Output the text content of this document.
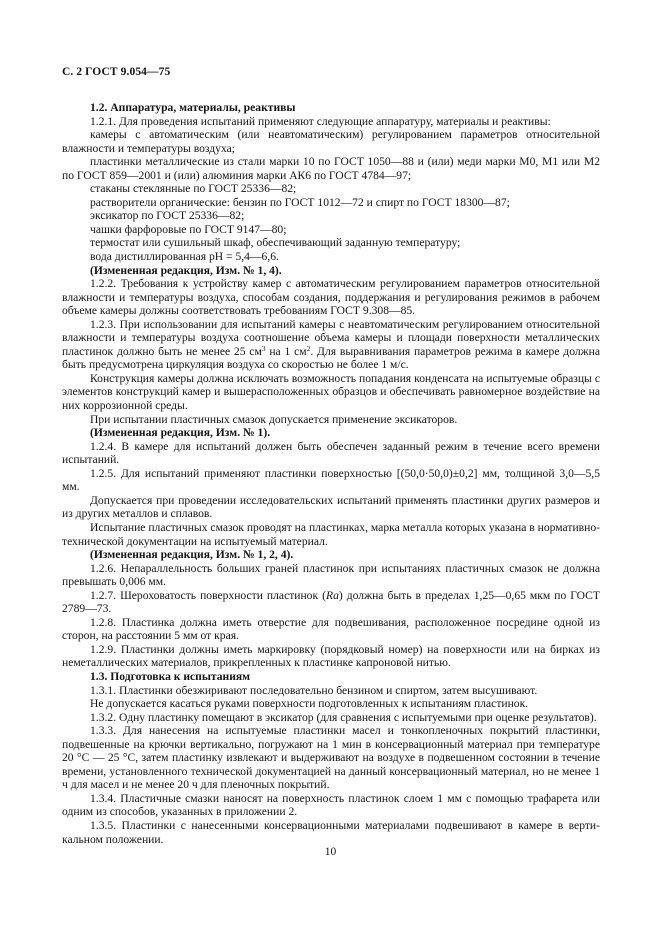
С. 2 ГОСТ 9.054—75

1.2. Аппаратура, материалы, реактивы

1.2.1. Для проведения испытаний применяют следующие аппаратуру, материалы и реактивы:

камеры с автоматическим (или неавтоматическим) регулированием параметров относительной влажности и температуры воздуха;

пластинки металлические из стали марки 10 по ГОСТ 1050—88 и (или) меди марки М0, М1 или М2 по ГОСТ 859—2001 и (или) алюминия марки АК6 по ГОСТ 4784—97;

стаканы стеклянные по ГОСТ 25336—82;

растворители органические: бензин по ГОСТ 1012—72 и спирт по ГОСТ 18300—87;

эксикатор по ГОСТ 25336—82;

чашки фарфоровые по ГОСТ 9147—80;

термостат или сушильный шкаф, обеспечивающий заданную температуру;

вода дистиллированная pH = 5,4—6,6.

(Измененная редакция, Изм. № 1, 4).

1.2.2. Требования к устройству камер с автоматическим регулированием параметров относительной влажности и температуры воздуха, способам создания, поддержания и регулирования режимов в рабочем объеме камеры должны соответствовать требованиям ГОСТ 9.308—85.

1.2.3. При использовании для испытаний камеры с неавтоматическим регулированием относительной влажности и температуры воздуха соотношение объема камеры и площади поверхности металлических пластинок должно быть не менее 25 $см^3$ на 1 $см^2$. Для выравнивания параметров режима в камере должна быть предусмотрена циркуляция воздуха со скоростью не более 1 м/с.

Конструкция камеры должна исключать возможность попадания конденсата на испытуемые образцы с элементов конструкций камер и вышерасположенных образцов и обеспечивать равномерное воздействие на них коррозионной среды.

При испытании пластичных смазок допускается применение эксикаторов.

(Измененная редакция, Изм. № 1).

1.2.4. В камере для испытаний должен быть обеспечен заданный режим в течение всего времени испытаний.

1.2.5. Для испытаний применяют пластинки поверхностью [(50,0·50,0)±0,2] мм, толщиной 3,0—5,5 мм.

Допускается при проведении исследовательских испытаний применять пластинки других размеров и из других металлов и сплавов.

Испытание пластичных смазок проводят на пластинках, марка металла которых указана в нормативно-технической документации на испытуемый материал.

(Измененная редакция, Изм. № 1, 2, 4).

1.2.6. Непараллельность больших граней пластинок при испытаниях пластичных смазок не должна превышать 0,006 мм.

1.2.7. Шероховатость поверхности пластинок (Ra) должна быть в пределах 1,25—0,65 мкм по ГОСТ 2789—73.

1.2.8. Пластинка должна иметь отверстие для подвешивания, расположенное посредине одной из сторон, на расстоянии 5 мм от края.

1.2.9. Пластинки должны иметь маркировку (порядковый номер) на поверхности или на бирках из неметаллических материалов, прикрепленных к пластинке капроновой нитью.

1.3. Подготовка к испытаниям

1.3.1. Пластинки обезжиривают последовательно бензином и спиртом, затем высушивают.

Не допускается касаться руками поверхности подготовленных к испытаниям пластинок.

1.3.2. Одну пластинку помещают в эксикатор (для сравнения с испытуемыми при оценке результатов).

1.3.3. Для нанесения на испытуемые пластинки масел и тонкопленочных покрытий пластинки, подвешенные на крючки вертикально, погружают на 1 мин в консервационный материал при температуре 20 °С — 25 °С, затем пластинку извлекают и выдерживают на воздухе в подвешенном состоянии в течение времени, установленного технической документацией на данный консервационный материал, но не менее 1 ч для масел и не менее 20 ч для пленочных покрытий.

1.3.4. Пластичные смазки наносят на поверхность пластинок слоем 1 мм с помощью трафарета или одним из способов, указанных в приложении 2.

1.3.5. Пластинки с нанесенными консервационными материалами подвешивают в камере в вертикальном положении.

10
